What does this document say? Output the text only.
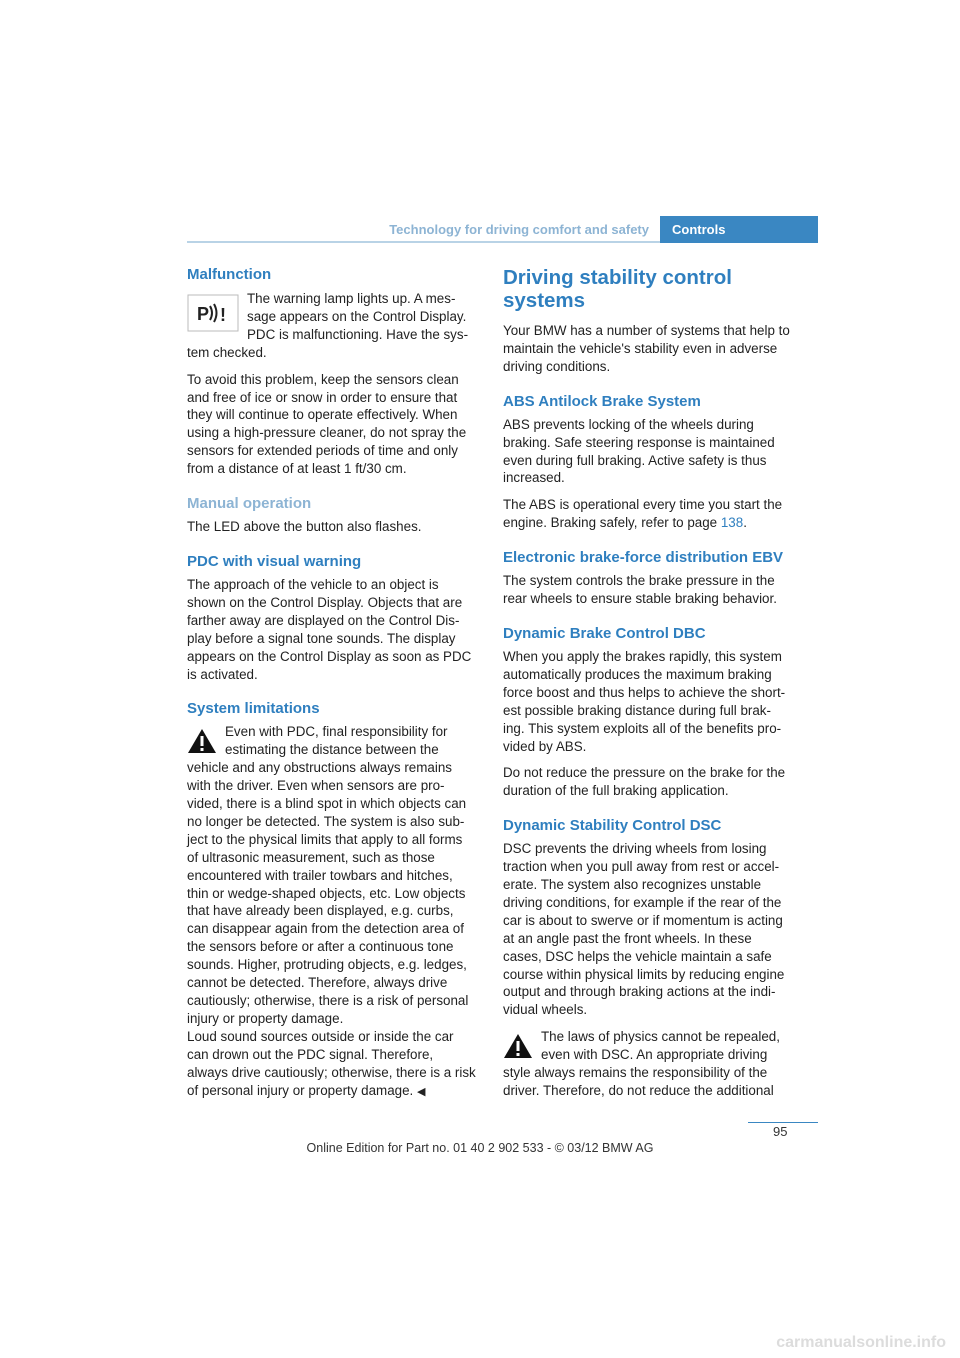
Technology for driving comfort and safety	Controls
Malfunction

P !
The warning lamp lights up. A mes- sage appears on the Control Display. PDC is malfunctioning. Have the sys- tem checked.

To avoid this problem, keep the sensors clean and free of ice or snow in order to ensure that they will continue to operate effectively. When using a high-pressure cleaner, do not spray the sensors for extended periods of time and only from a distance of at least 1 ft/30 cm.

Manual operation

The LED above the button also flashes.

PDC with visual warning

The approach of the vehicle to an object is shown on the Control Display. Objects that are farther away are displayed on the Control Dis- play before a signal tone sounds. The display appears on the Control Display as soon as PDC is activated.

System limitations

Even with PDC, final responsibility for estimating the distance between the vehicle and any obstructions always remains with the driver. Even when sensors are pro- vided, there is a blind spot in which objects can no longer be detected. The system is also sub- ject to the physical limits that apply to all forms of ultrasonic measurement, such as those encountered with trailer towbars and hitches, thin or wedge-shaped objects, etc. Low objects that have already been displayed, e.g. curbs, can disappear again from the detection area of the sensors before or after a continuous tone sounds. Higher, protruding objects, e.g. ledges, cannot be detected. Therefore, always drive cautiously; otherwise, there is a risk of personal injury or property damage.

Loud sound sources outside or inside the car can drown out the PDC signal. Therefore, always drive cautiously; otherwise, there is a risk of personal injury or property damage. ◀

Driving stability control systems

Your BMW has a number of systems that help to maintain the vehicle's stability even in adverse driving conditions.

ABS Antilock Brake System

ABS prevents locking of the wheels during braking. Safe steering response is maintained even during full braking. Active safety is thus increased.

The ABS is operational every time you start the engine. Braking safely, refer to page 138.

Electronic brake-force distribution EBV

The system controls the brake pressure in the rear wheels to ensure stable braking behavior.

Dynamic Brake Control DBC

When you apply the brakes rapidly, this system automatically produces the maximum braking force boost and thus helps to achieve the short- est possible braking distance during full brak- ing. This system exploits all of the benefits pro- vided by ABS.

Do not reduce the pressure on the brake for the duration of the full braking application.

Dynamic Stability Control DSC

DSC prevents the driving wheels from losing traction when you pull away from rest or accel- erate. The system also recognizes unstable driving conditions, for example if the rear of the car is about to swerve or if momentum is acting at an angle past the front wheels. In these cases, DSC helps the vehicle maintain a safe course within physical limits by reducing engine output and through braking actions at the indi- vidual wheels.

The laws of physics cannot be repealed, even with DSC. An appropriate driving style always remains the responsibility of the driver. Therefore, do not reduce the additional

95
Online Edition for Part no. 01 40 2 902 533 - © 03/12 BMW AG
carmanualsonline.info
